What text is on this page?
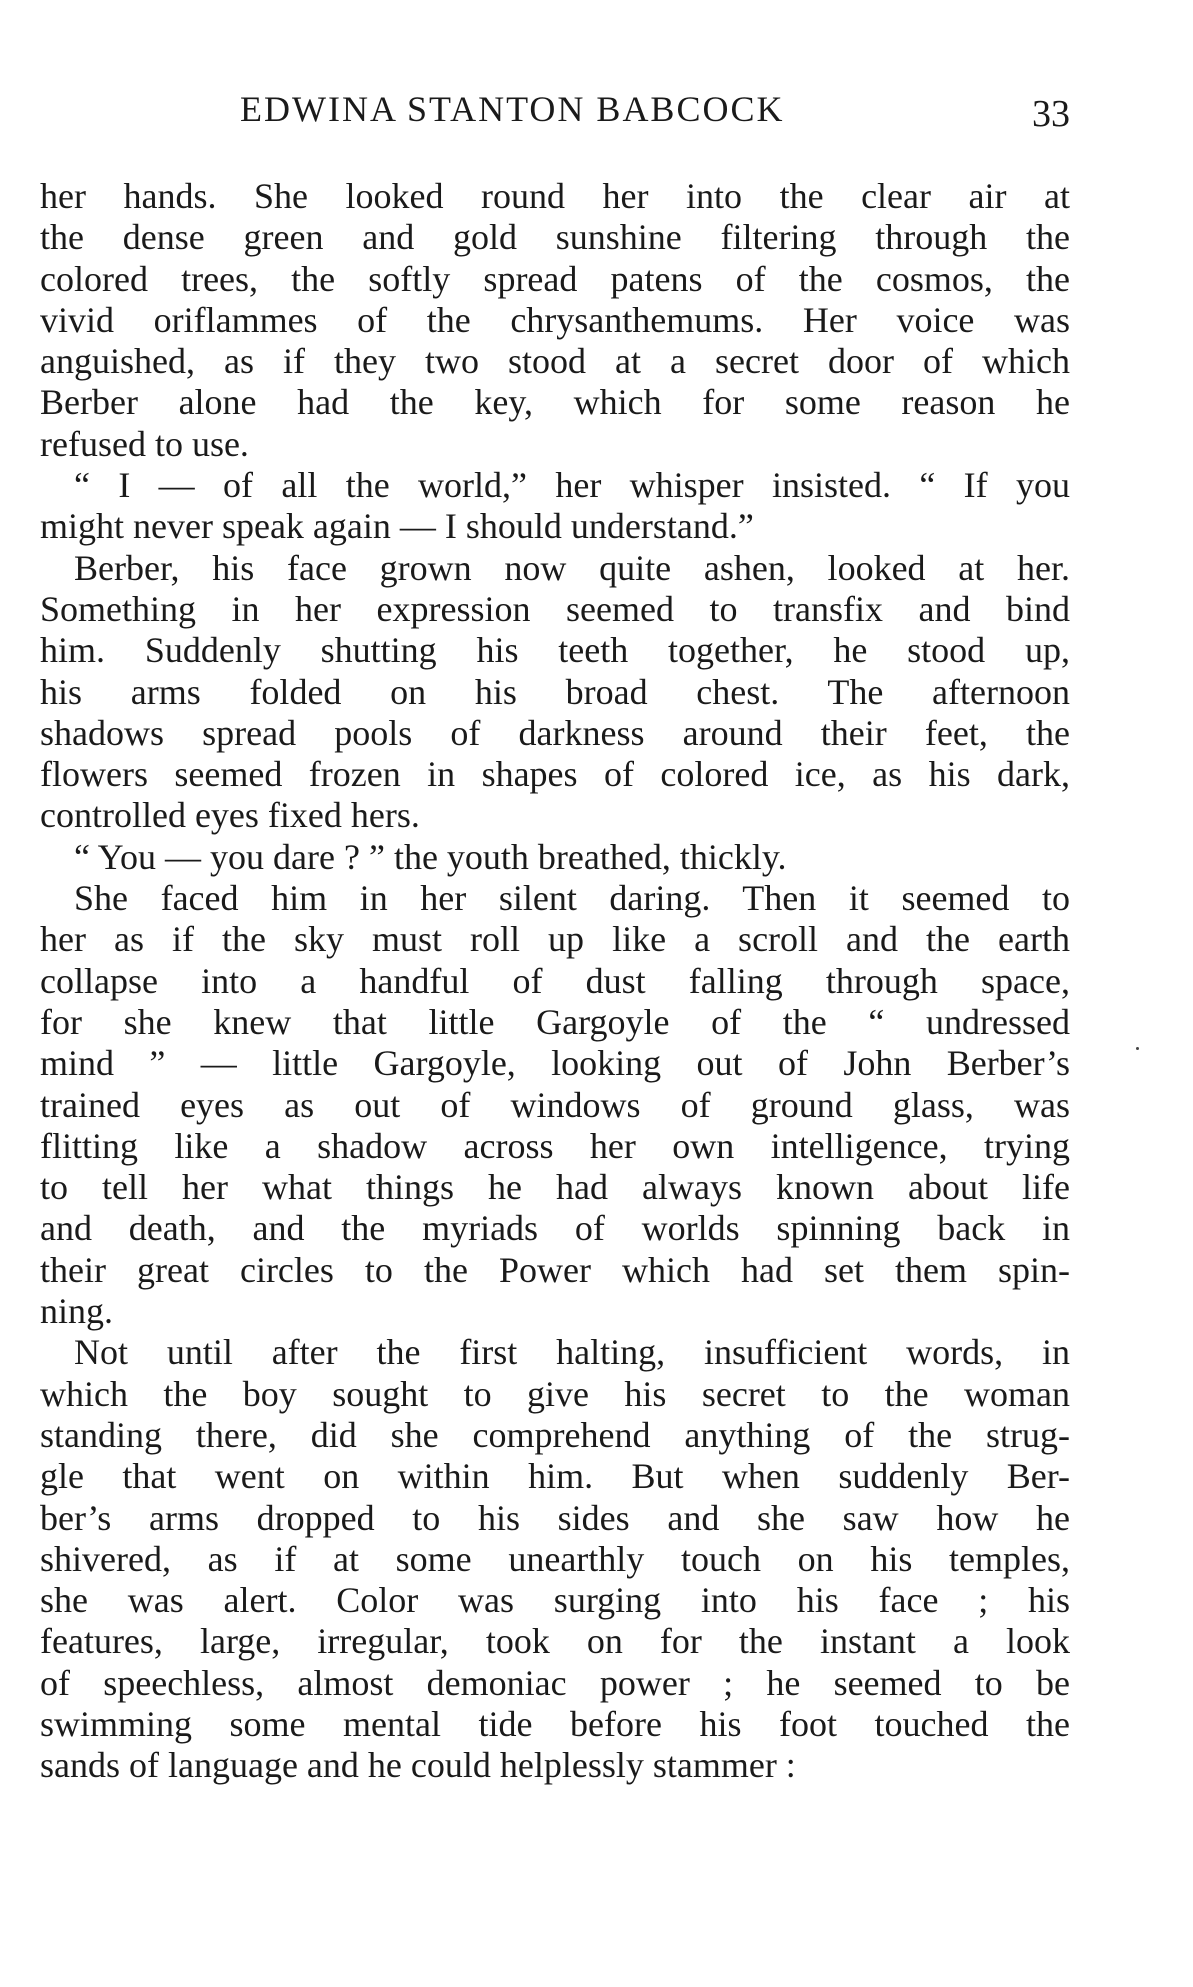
EDWINA STANTON BABCOCK	33
her hands. She looked round her into the clear air at
the dense green and gold sunshine filtering through the
colored trees, the softly spread patens of the cosmos, the
vivid oriflammes of the chrysanthemums. Her voice was
anguished, as if they two stood at a secret door of which
Berber alone had the key, which for some reason he
refused to use.
“ I — of all the world,” her whisper insisted. “ If you
might never speak again — I should understand.”
Berber, his face grown now quite ashen, looked at her.
Something in her expression seemed to transfix and bind
him. Suddenly shutting his teeth together, he stood up,
his arms folded on his broad chest. The afternoon
shadows spread pools of darkness around their feet, the
flowers seemed frozen in shapes of colored ice, as his dark,
controlled eyes fixed hers.
“ You — you dare ? ” the youth breathed, thickly.
She faced him in her silent daring. Then it seemed to
her as if the sky must roll up like a scroll and the earth
collapse into a handful of dust falling through space,
for she knew that little Gargoyle of the “ undressed
mind ” — little Gargoyle, looking out of John Berber’s
trained eyes as out of windows of ground glass, was
flitting like a shadow across her own intelligence, trying
to tell her what things he had always known about life
and death, and the myriads of worlds spinning back in
their great circles to the Power which had set them spin-
ning.
Not until after the first halting, insufficient words, in
which the boy sought to give his secret to the woman
standing there, did she comprehend anything of the strug-
gle that went on within him. But when suddenly Ber-
ber’s arms dropped to his sides and she saw how he
shivered, as if at some unearthly touch on his temples,
she was alert. Color was surging into his face ; his
features, large, irregular, took on for the instant a look
of speechless, almost demoniac power ; he seemed to be
swimming some mental tide before his foot touched the
sands of language and he could helplessly stammer :
